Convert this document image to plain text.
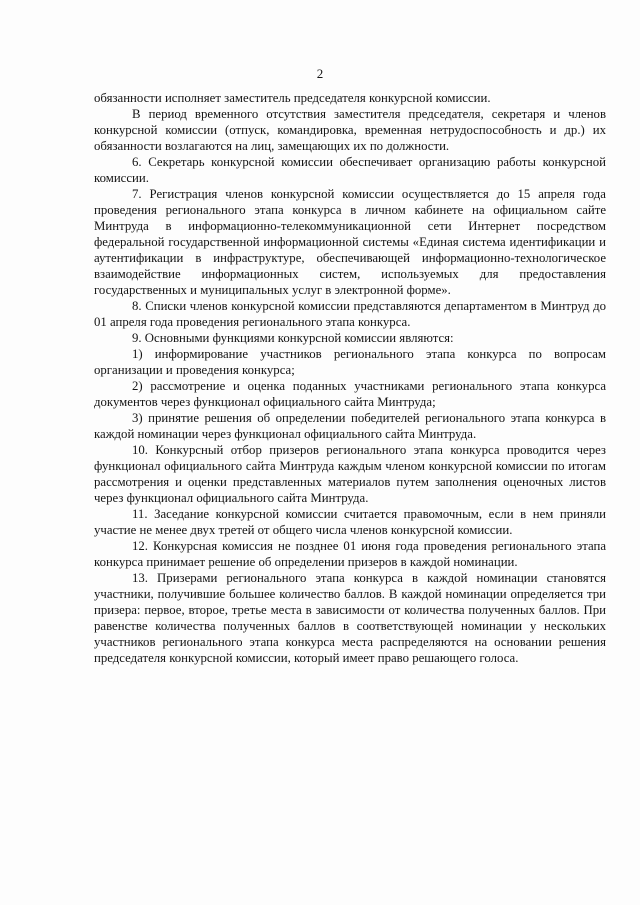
2

обязанности исполняет заместитель председателя конкурсной комиссии.

В период временного отсутствия заместителя председателя, секретаря и членов конкурсной комиссии (отпуск, командировка, временная нетрудоспособность и др.) их обязанности возлагаются на лиц, замещающих их по должности.

6. Секретарь конкурсной комиссии обеспечивает организацию работы конкурсной комиссии.

7. Регистрация членов конкурсной комиссии осуществляется до 15 апреля года проведения регионального этапа конкурса в личном кабинете на официальном сайте Минтруда в информационно-телекоммуникационной сети Интернет посредством федеральной государственной информационной системы «Единая система идентификации и аутентификации в инфраструктуре, обеспечивающей информационно-технологическое взаимодействие информационных систем, используемых для предоставления государственных и муниципальных услуг в электронной форме».

8. Списки членов конкурсной комиссии представляются департаментом в Минтруд до 01 апреля года проведения регионального этапа конкурса.

9. Основными функциями конкурсной комиссии являются:

1) информирование участников регионального этапа конкурса по вопросам организации и проведения конкурса;

2) рассмотрение и оценка поданных участниками регионального этапа конкурса документов через функционал официального сайта Минтруда;

3) принятие решения об определении победителей регионального этапа конкурса в каждой номинации через функционал официального сайта Минтруда.

10. Конкурсный отбор призеров регионального этапа конкурса проводится через функционал официального сайта Минтруда каждым членом конкурсной комиссии по итогам рассмотрения и оценки представленных материалов путем заполнения оценочных листов через функционал официального сайта Минтруда.

11. Заседание конкурсной комиссии считается правомочным, если в нем приняли участие не менее двух третей от общего числа членов конкурсной комиссии.

12. Конкурсная комиссия не позднее 01 июня года проведения регионального этапа конкурса принимает решение об определении призеров в каждой номинации.

13. Призерами регионального этапа конкурса в каждой номинации становятся участники, получившие большее количество баллов. В каждой номинации определяется три призера: первое, второе, третье места в зависимости от количества полученных баллов. При равенстве количества полученных баллов в соответствующей номинации у нескольких участников регионального этапа конкурса места распределяются на основании решения председателя конкурсной комиссии, который имеет право решающего голоса.
